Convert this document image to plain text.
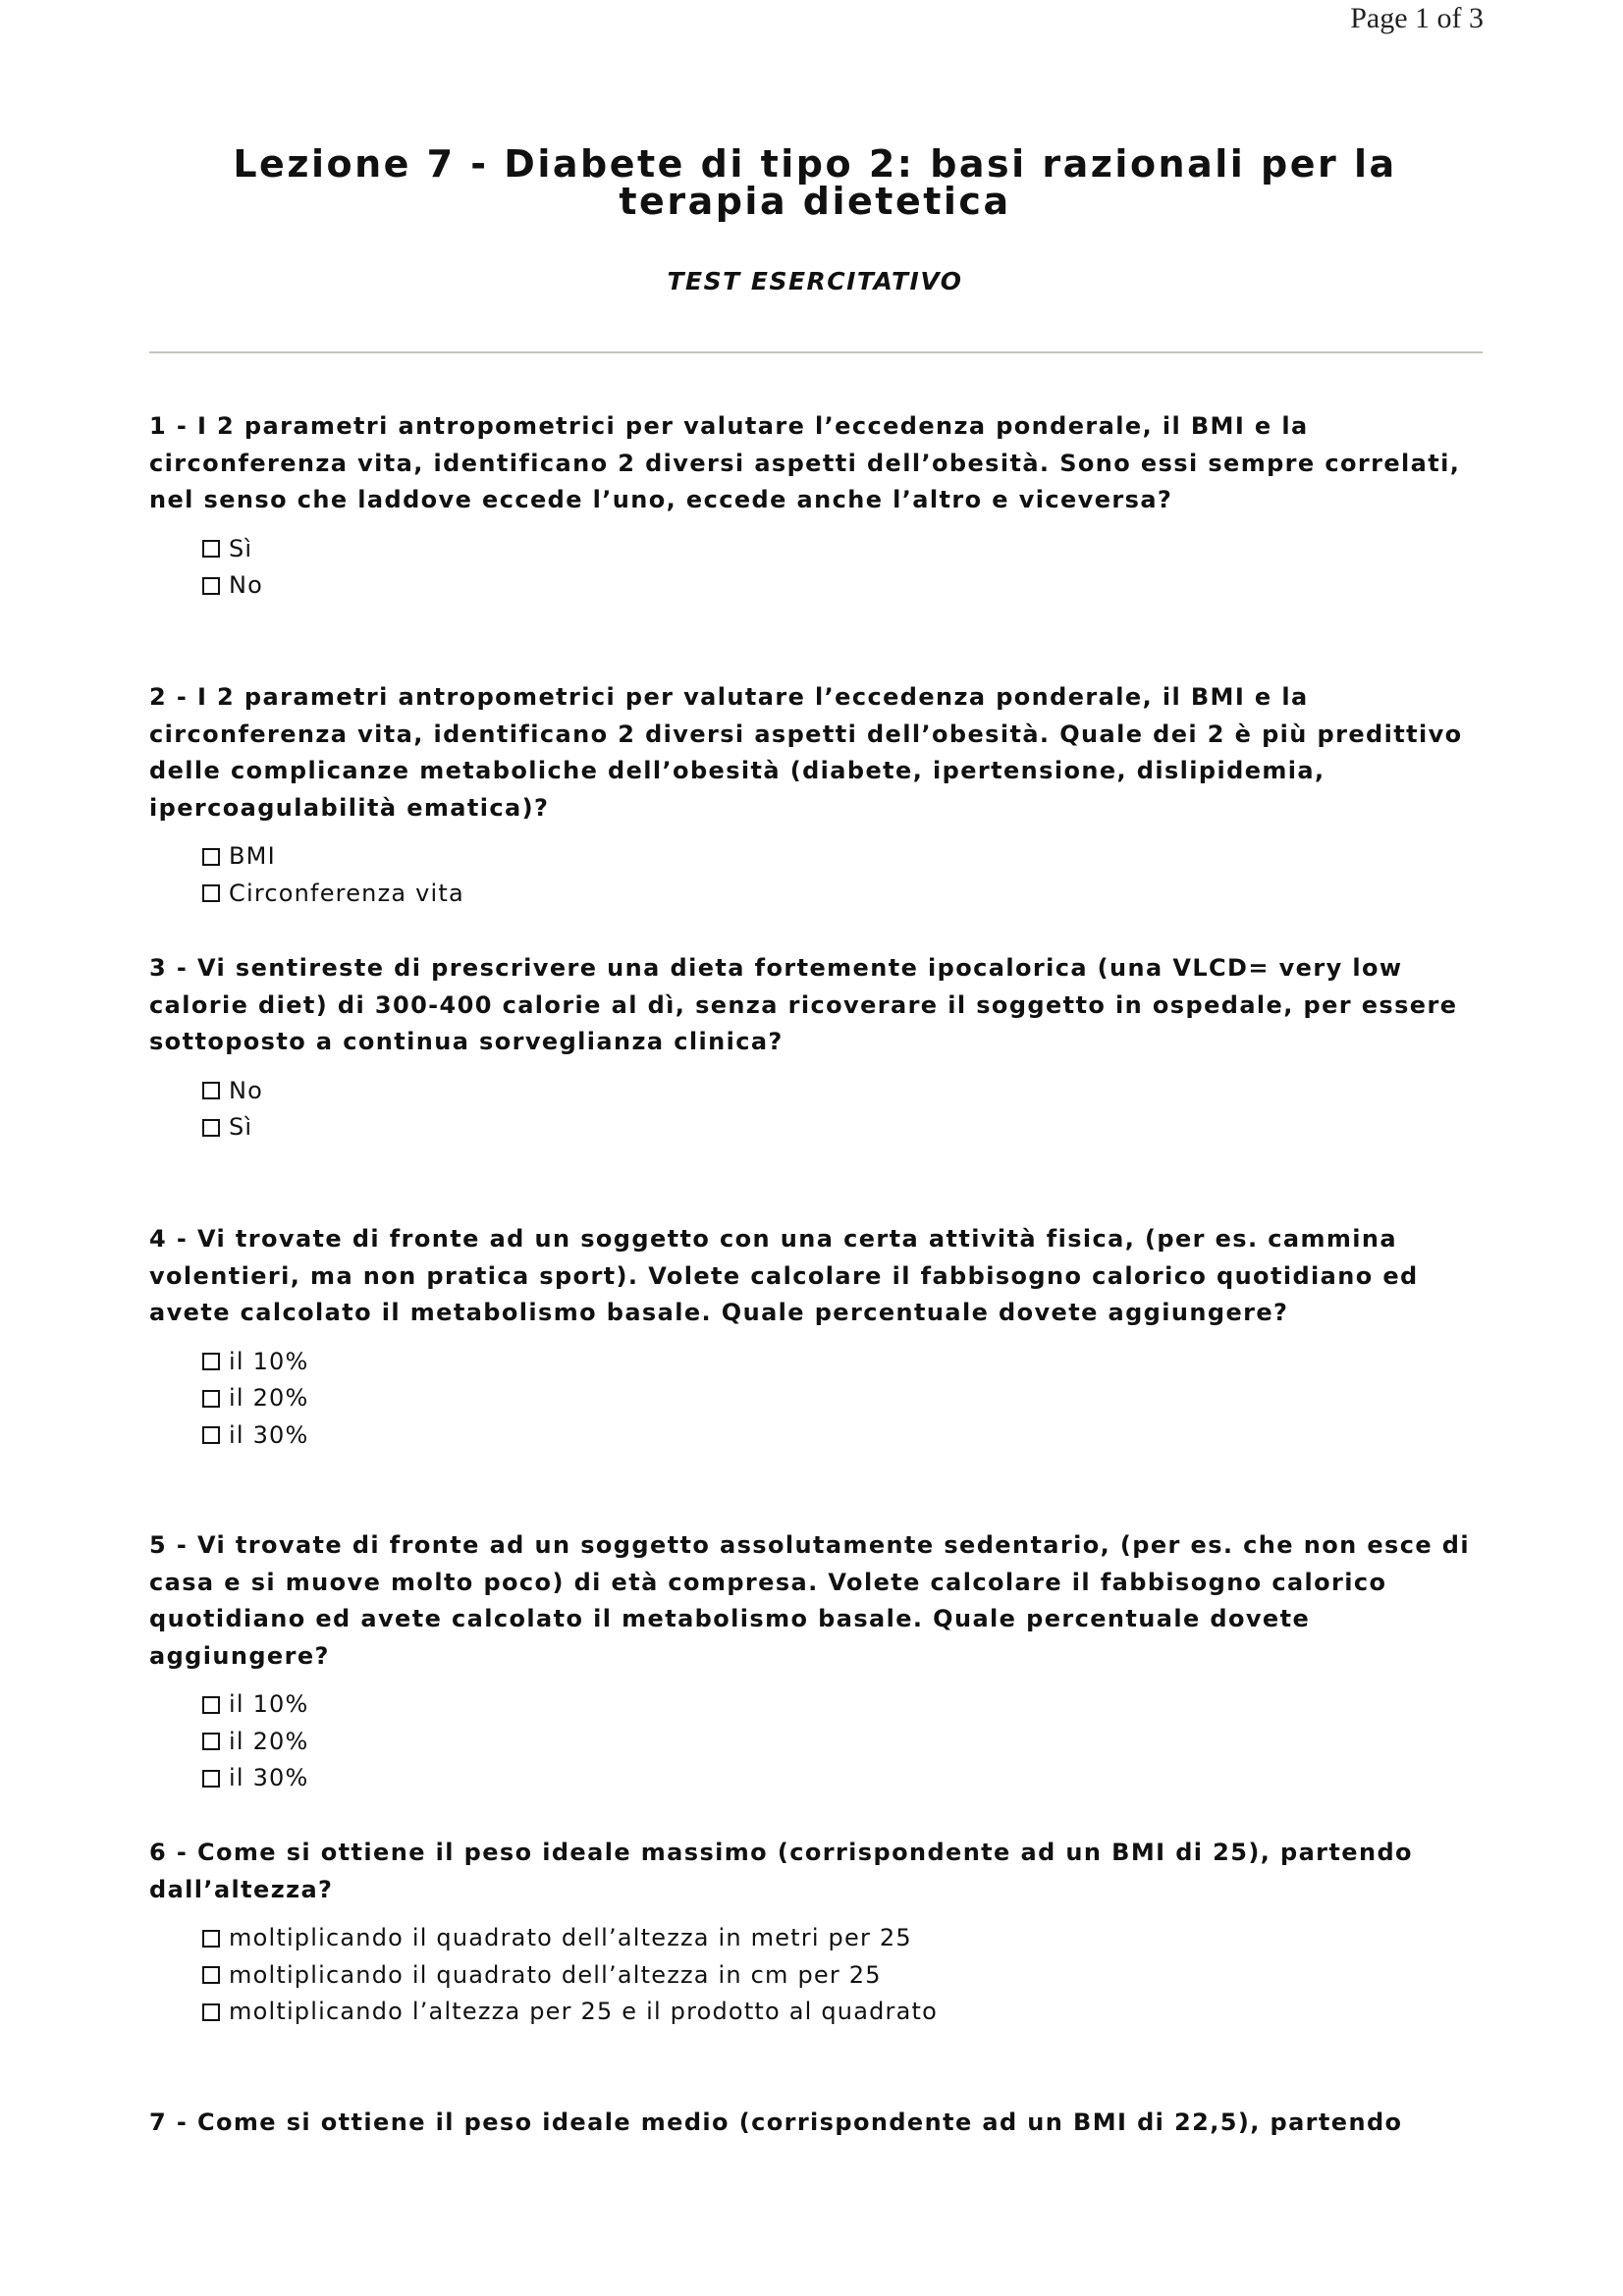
Page 1 of 3
Lezione 7 - Diabete di tipo 2: basi razionali per la terapia dietetica
TEST ESERCITATIVO

1 - I 2 parametri antropometrici per valutare l’eccedenza ponderale, il BMI e la circonferenza vita, identificano 2 diversi aspetti dell’obesità. Sono essi sempre correlati, nel senso che laddove eccede l’uno, eccede anche l’altro e viceversa?

Sì
No

2 - I 2 parametri antropometrici per valutare l’eccedenza ponderale, il BMI e la circonferenza vita, identificano 2 diversi aspetti dell’obesità. Quale dei 2 è più predittivo delle complicanze metaboliche dell’obesità (diabete, ipertensione, dislipidemia, ipercoagulabilità ematica)?

BMI
Circonferenza vita

3 - Vi sentireste di prescrivere una dieta fortemente ipocalorica (una VLCD= very low calorie diet) di 300-400 calorie al dì, senza ricoverare il soggetto in ospedale, per essere sottoposto a continua sorveglianza clinica?

No
Sì

4 - Vi trovate di fronte ad un soggetto con una certa attività fisica, (per es. cammina volentieri, ma non pratica sport). Volete calcolare il fabbisogno calorico quotidiano ed avete calcolato il metabolismo basale. Quale percentuale dovete aggiungere?

il 10%
il 20%
il 30%

5 - Vi trovate di fronte ad un soggetto assolutamente sedentario, (per es. che non esce di casa e si muove molto poco) di età compresa. Volete calcolare il fabbisogno calorico quotidiano ed avete calcolato il metabolismo basale. Quale percentuale dovete aggiungere?

il 10%
il 20%
il 30%

6 - Come si ottiene il peso ideale massimo (corrispondente ad un BMI di 25), partendo dall’altezza?

moltiplicando il quadrato dell’altezza in metri per 25
moltiplicando il quadrato dell’altezza in cm per 25
moltiplicando l’altezza per 25 e il prodotto al quadrato

7 - Come si ottiene il peso ideale medio (corrispondente ad un BMI di 22,5), partendo
